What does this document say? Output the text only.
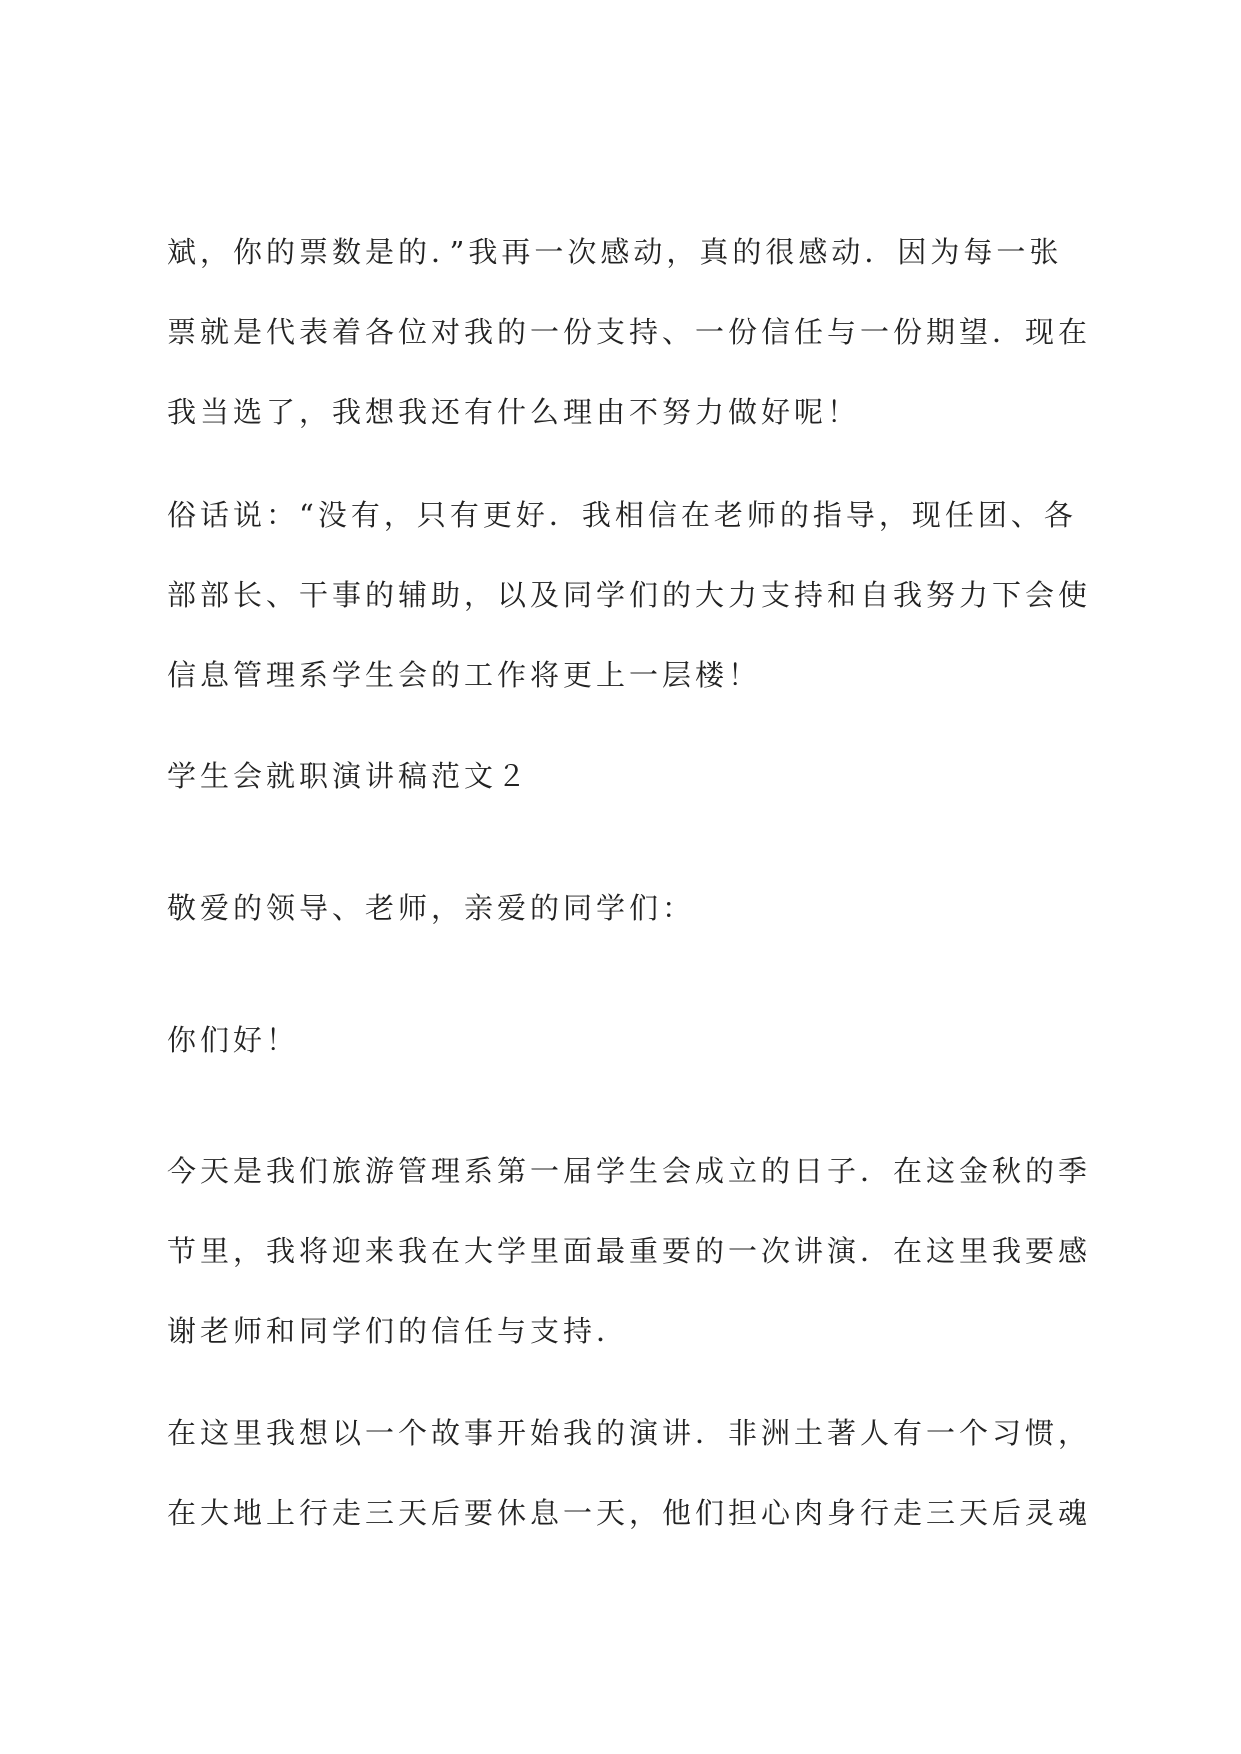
斌，你的票数是的．”我再一次感动，真的很感动．因为每一张
票就是代表着各位对我的一份支持、一份信任与一份期望．现在
我当选了，我想我还有什么理由不努力做好呢！
俗话说：“没有，只有更好．我相信在老师的指导，现任团、各
部部长、干事的辅助，以及同学们的大力支持和自我努力下会使
信息管理系学生会的工作将更上一层楼！
学生会就职演讲稿范文２
敬爱的领导、老师，亲爱的同学们：
你们好！
今天是我们旅游管理系第一届学生会成立的日子．在这金秋的季
节里，我将迎来我在大学里面最重要的一次讲演．在这里我要感
谢老师和同学们的信任与支持．
在这里我想以一个故事开始我的演讲．非洲土著人有一个习惯，
在大地上行走三天后要休息一天，他们担心肉身行走三天后灵魂
